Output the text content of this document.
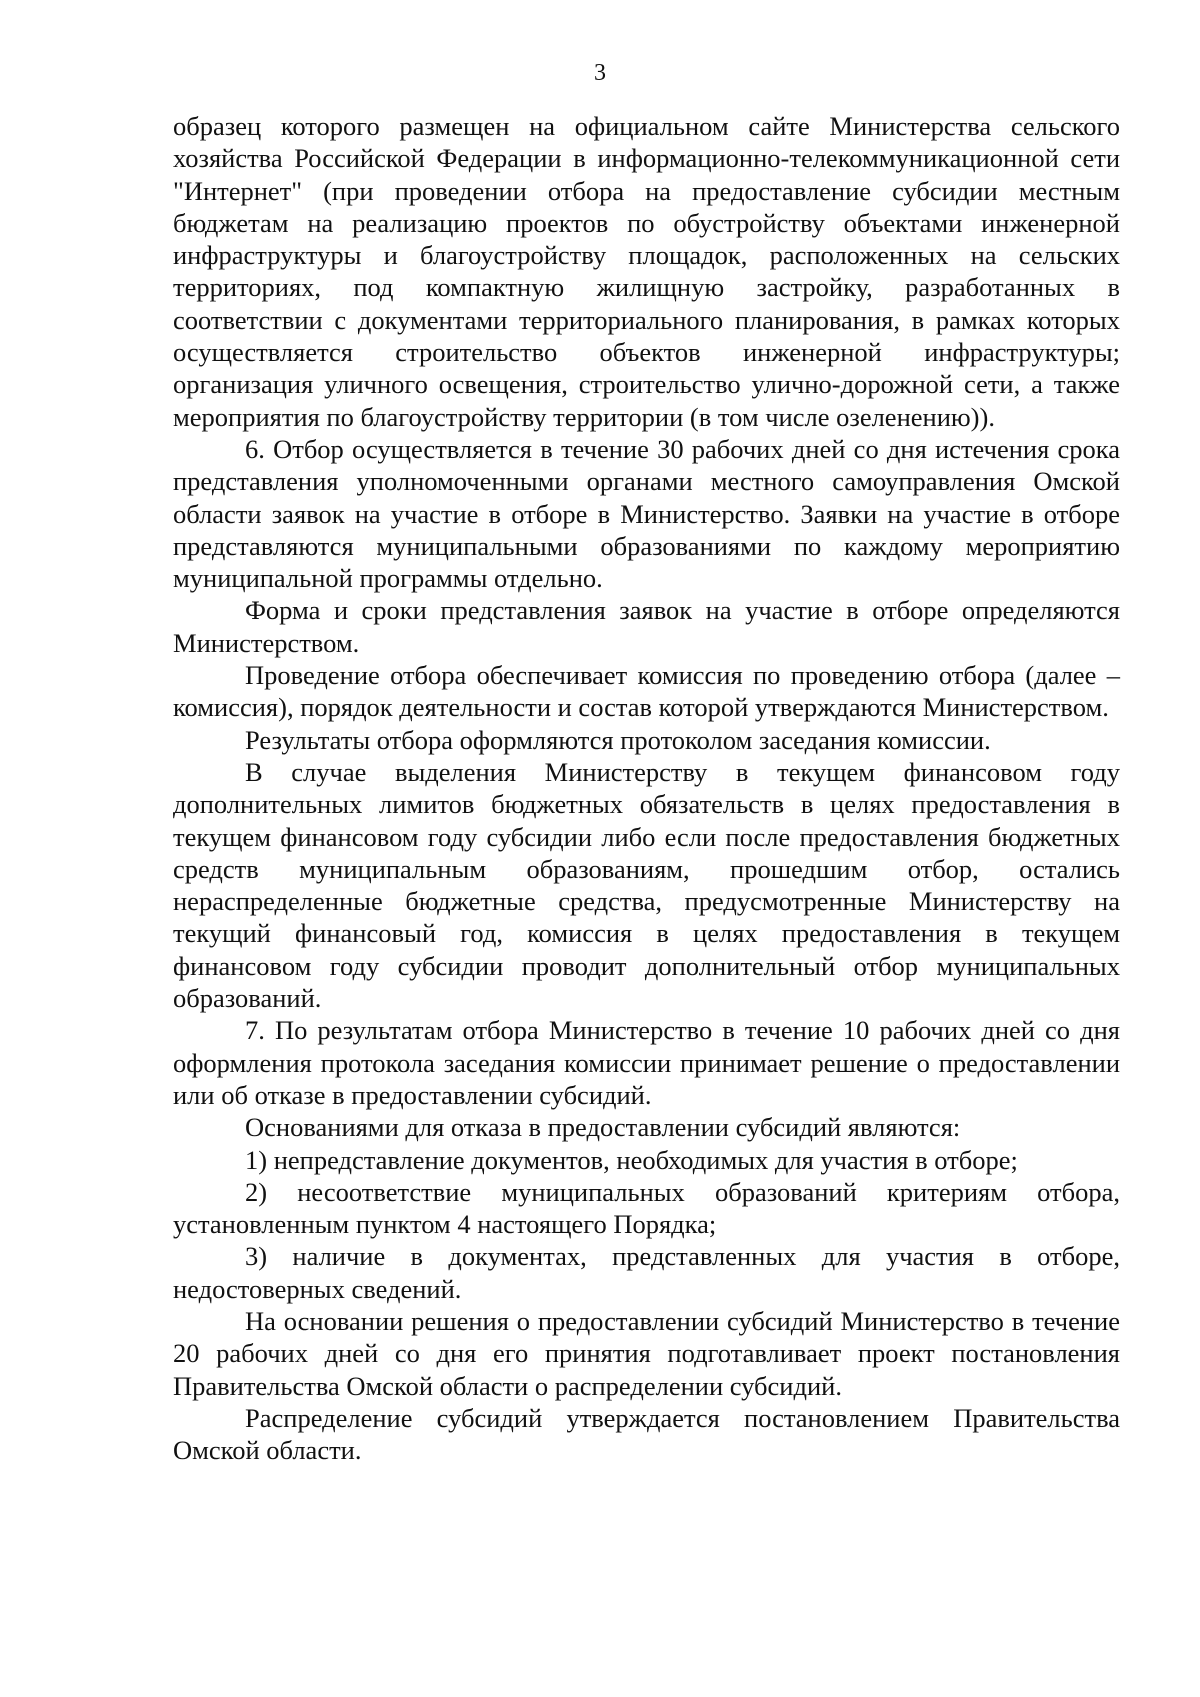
3

образец которого размещен на официальном сайте Министерства сельского хозяйства Российской Федерации в информационно-телекоммуникационной сети "Интернет" (при проведении отбора на предоставление субсидии местным бюджетам на реализацию проектов по обустройству объектами инженерной инфраструктуры и благоустройству площадок, расположенных на сельских территориях, под компактную жилищную застройку, разработанных в соответствии с документами территориального планирования, в рамках которых осуществляется строительство объектов инженерной инфраструктуры; организация уличного освещения, строительство улично-дорожной сети, а также мероприятия по благоустройству территории (в том числе озеленению)).

6. Отбор осуществляется в течение 30 рабочих дней со дня истечения срока представления уполномоченными органами местного самоуправления Омской области заявок на участие в отборе в Министерство. Заявки на участие в отборе представляются муниципальными образованиями по каждому мероприятию муниципальной программы отдельно.

Форма и сроки представления заявок на участие в отборе определяются Министерством.

Проведение отбора обеспечивает комиссия по проведению отбора (далее – комиссия), порядок деятельности и состав которой утверждаются Министерством.

Результаты отбора оформляются протоколом заседания комиссии.

В случае выделения Министерству в текущем финансовом году дополнительных лимитов бюджетных обязательств в целях предоставления в текущем финансовом году субсидии либо если после предоставления бюджетных средств муниципальным образованиям, прошедшим отбор, остались нераспределенные бюджетные средства, предусмотренные Министерству на текущий финансовый год, комиссия в целях предоставления в текущем финансовом году субсидии проводит дополнительный отбор муниципальных образований.

7. По результатам отбора Министерство в течение 10 рабочих дней со дня оформления протокола заседания комиссии принимает решение о предоставлении или об отказе в предоставлении субсидий.

Основаниями для отказа в предоставлении субсидий являются:

1) непредставление документов, необходимых для участия в отборе;

2) несоответствие муниципальных образований критериям отбора, установленным пунктом 4 настоящего Порядка;

3) наличие в документах, представленных для участия в отборе, недостоверных сведений.

На основании решения о предоставлении субсидий Министерство в течение 20 рабочих дней со дня его принятия подготавливает проект постановления Правительства Омской области о распределении субсидий.

Распределение субсидий утверждается постановлением Правительства Омской области.
